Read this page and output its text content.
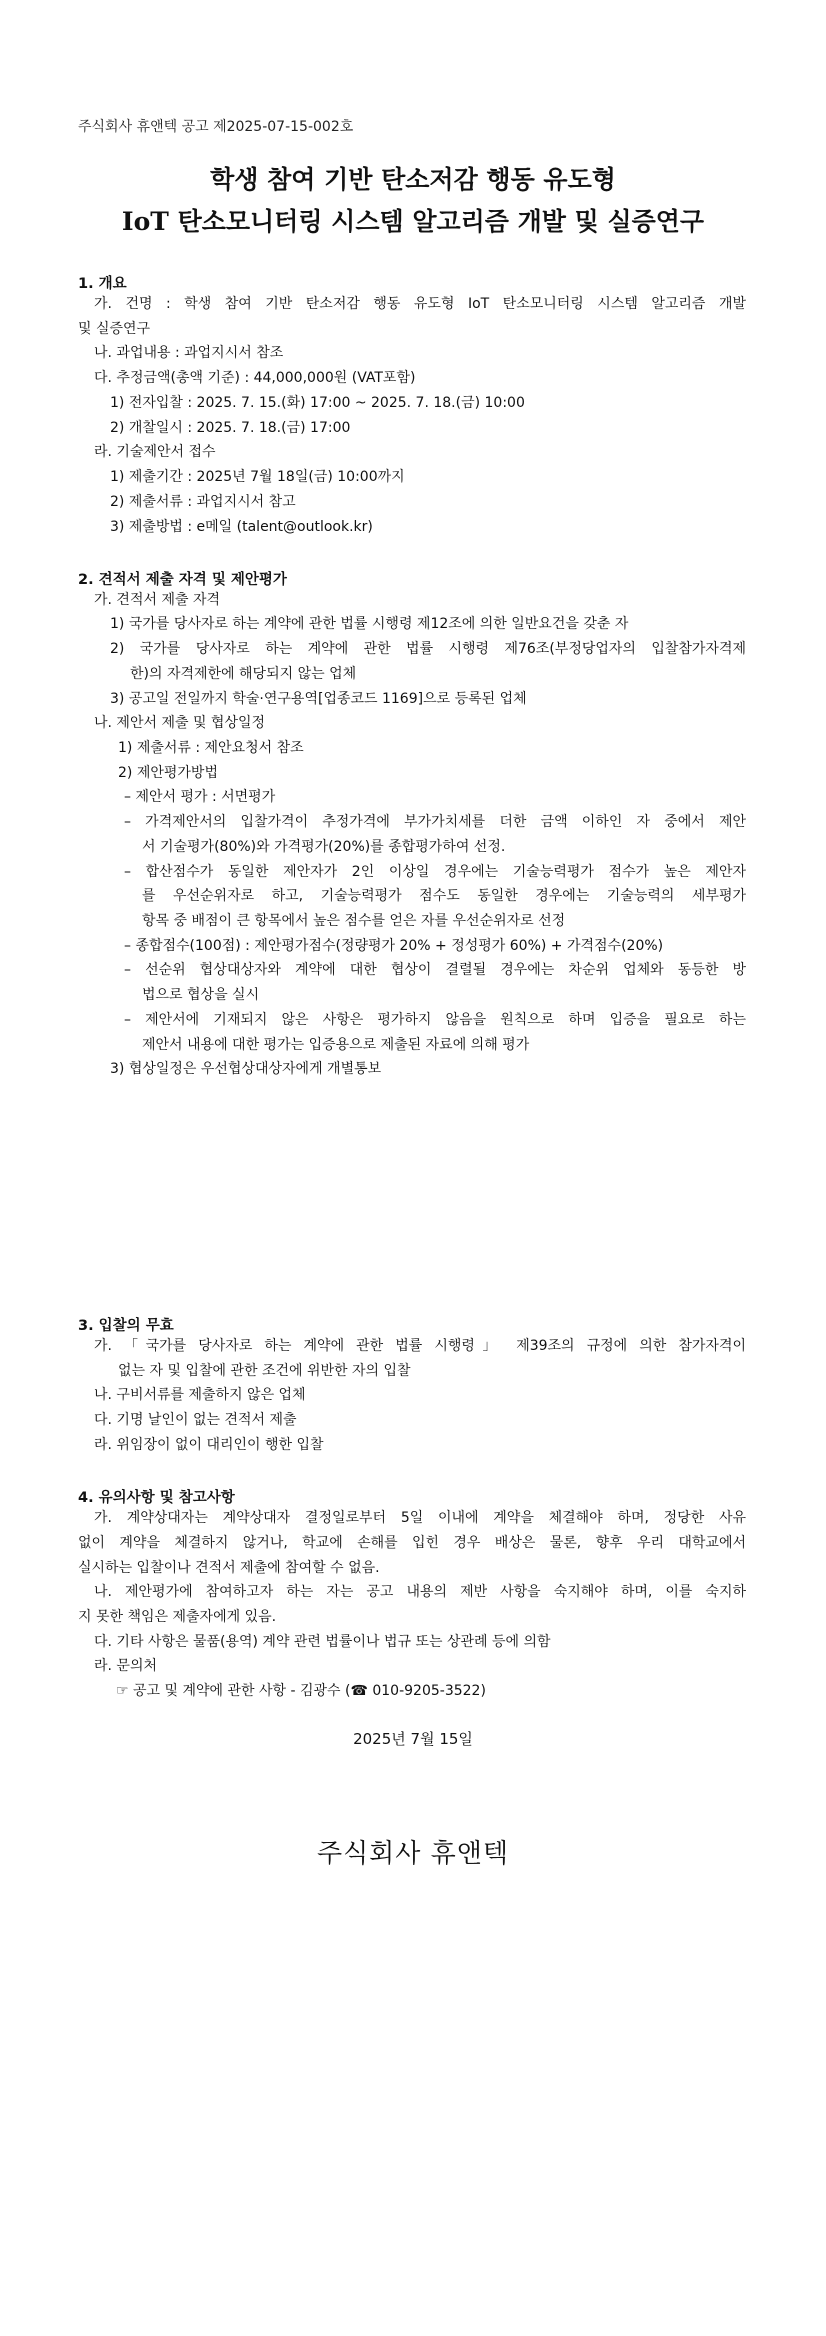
주식회사 휴앤텍 공고 제2025-07-15-002호
학생 참여 기반 탄소저감 행동 유도형
IoT 탄소모니터링 시스템 알고리즘 개발 및 실증연구
1. 개요
가. 건명 : 학생 참여 기반 탄소저감 행동 유도형 IoT 탄소모니터링 시스템 알고리즘 개발
및 실증연구
나. 과업내용 : 과업지시서 참조
다. 추정금액(총액 기준) : 44,000,000원 (VAT포함)
1) 전자입찰 : 2025. 7. 15.(화) 17:00 ~ 2025. 7. 18.(금) 10:00
2) 개찰일시 : 2025. 7. 18.(금) 17:00
라. 기술제안서 접수
1) 제출기간 : 2025년 7월 18일(금) 10:00까지
2) 제출서류 : 과업지시서 참고
3) 제출방법 : e메일 (talent@outlook.kr)
2. 견적서 제출 자격 및 제안평가
가. 견적서 제출 자격
1) 국가를 당사자로 하는 계약에 관한 법률 시행령 제12조에 의한 일반요건을 갖춘 자
2) 국가를 당사자로 하는 계약에 관한 법률 시행령 제76조(부정당업자의 입찰참가자격제
한)의 자격제한에 해당되지 않는 업체
3) 공고일 전일까지 학술·연구용역[업종코드 1169]으로 등록된 업체
나. 제안서 제출 및 협상일정
1) 제출서류 : 제안요청서 참조
2) 제안평가방법
– 제안서 평가 : 서면평가
– 가격제안서의 입찰가격이 추정가격에 부가가치세를 더한 금액 이하인 자 중에서 제안
서 기술평가(80%)와 가격평가(20%)를 종합평가하여 선정.
– 합산점수가 동일한 제안자가 2인 이상일 경우에는 기술능력평가 점수가 높은 제안자
를 우선순위자로 하고, 기술능력평가 점수도 동일한 경우에는 기술능력의 세부평가
항목 중 배점이 큰 항목에서 높은 점수를 얻은 자를 우선순위자로 선정
– 종합점수(100점) : 제안평가점수(정량평가 20% + 정성평가 60%) + 가격점수(20%)
– 선순위 협상대상자와 계약에 대한 협상이 결렬될 경우에는 차순위 업체와 동등한 방
법으로 협상을 실시
– 제안서에 기재되지 않은 사항은 평가하지 않음을 원칙으로 하며 입증을 필요로 하는
제안서 내용에 대한 평가는 입증용으로 제출된 자료에 의해 평가
3) 협상일정은 우선협상대상자에게 개별통보
3. 입찰의 무효
가. 「국가를 당사자로 하는 계약에 관한 법률 시행령」 제39조의 규정에 의한 참가자격이
없는 자 및 입찰에 관한 조건에 위반한 자의 입찰
나. 구비서류를 제출하지 않은 업체
다. 기명 날인이 없는 견적서 제출
라. 위임장이 없이 대리인이 행한 입찰
4. 유의사항 및 참고사항
가. 계약상대자는 계약상대자 결정일로부터 5일 이내에 계약을 체결해야 하며, 정당한 사유
없이 계약을 체결하지 않거나, 학교에 손해를 입힌 경우 배상은 물론, 향후 우리 대학교에서
실시하는 입찰이나 견적서 제출에 참여할 수 없음.
나. 제안평가에 참여하고자 하는 자는 공고 내용의 제반 사항을 숙지해야 하며, 이를 숙지하
지 못한 책임은 제출자에게 있음.
다. 기타 사항은 물품(용역) 계약 관련 법률이나 법규 또는 상관례 등에 의함
라. 문의처
☞ 공고 및 계약에 관한 사항 - 김광수 (☎ 010-9205-3522)
2025년 7월 15일
주식회사 휴앤텍
